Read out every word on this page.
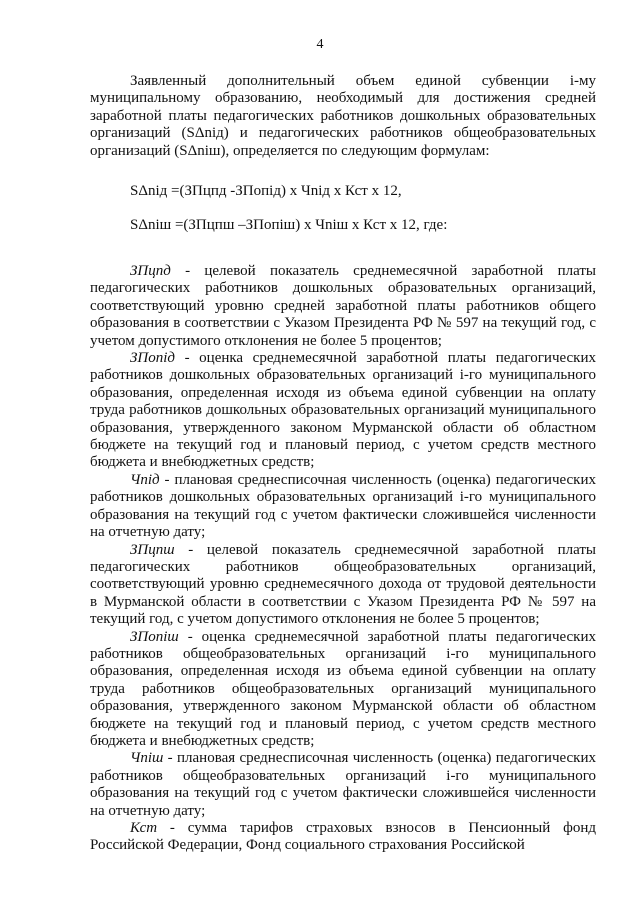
4

Заявленный дополнительный объем единой субвенции i-му муниципальному образованию, необходимый для достижения средней заработной платы педагогических работников дошкольных образовательных организаций (SΔniд) и педагогических работников общеобразовательных организаций (SΔniш), определяется по следующим формулам:

SΔniд =(ЗПцпд -ЗПопiд) х Чniд х Кст х 12,
SΔniш =(ЗПцпш –ЗПопiш) х Чniш х Кст х 12, где:

ЗПцпд - целевой показатель среднемесячной заработной платы педагогических работников дошкольных образовательных организаций, соответствующий уровню средней заработной платы работников общего образования в соответствии с Указом Президента РФ № 597 на текущий год, с учетом допустимого отклонения не более 5 процентов;

ЗПопiд - оценка среднемесячной заработной платы педагогических работников дошкольных образовательных организаций i-го муниципального образования, определенная исходя из объема единой субвенции на оплату труда работников дошкольных образовательных организаций муниципального образования, утвержденного законом Мурманской области об областном бюджете на текущий год и плановый период, с учетом средств местного бюджета и внебюджетных средств;

Чniд - плановая среднесписочная численность (оценка) педагогических работников дошкольных образовательных организаций i-го муниципального образования на текущий год с учетом фактически сложившейся численности на отчетную дату;

ЗПцпш - целевой показатель среднемесячной заработной платы педагогических работников общеобразовательных организаций, соответствующий уровню среднемесячного дохода от трудовой деятельности в Мурманской области в соответствии с Указом Президента РФ № 597 на текущий год, с учетом допустимого отклонения не более 5 процентов;

ЗПопiш - оценка среднемесячной заработной платы педагогических работников общеобразовательных организаций i-го муниципального образования, определенная исходя из объема единой субвенции на оплату труда работников общеобразовательных организаций муниципального образования, утвержденного законом Мурманской области об областном бюджете на текущий год и плановый период, с учетом средств местного бюджета и внебюджетных средств;

Чniш - плановая среднесписочная численность (оценка) педагогических работников общеобразовательных организаций i-го муниципального образования на текущий год с учетом фактически сложившейся численности на отчетную дату;

Кст - сумма тарифов страховых взносов в Пенсионный фонд Российской Федерации, Фонд социального страхования Российской
